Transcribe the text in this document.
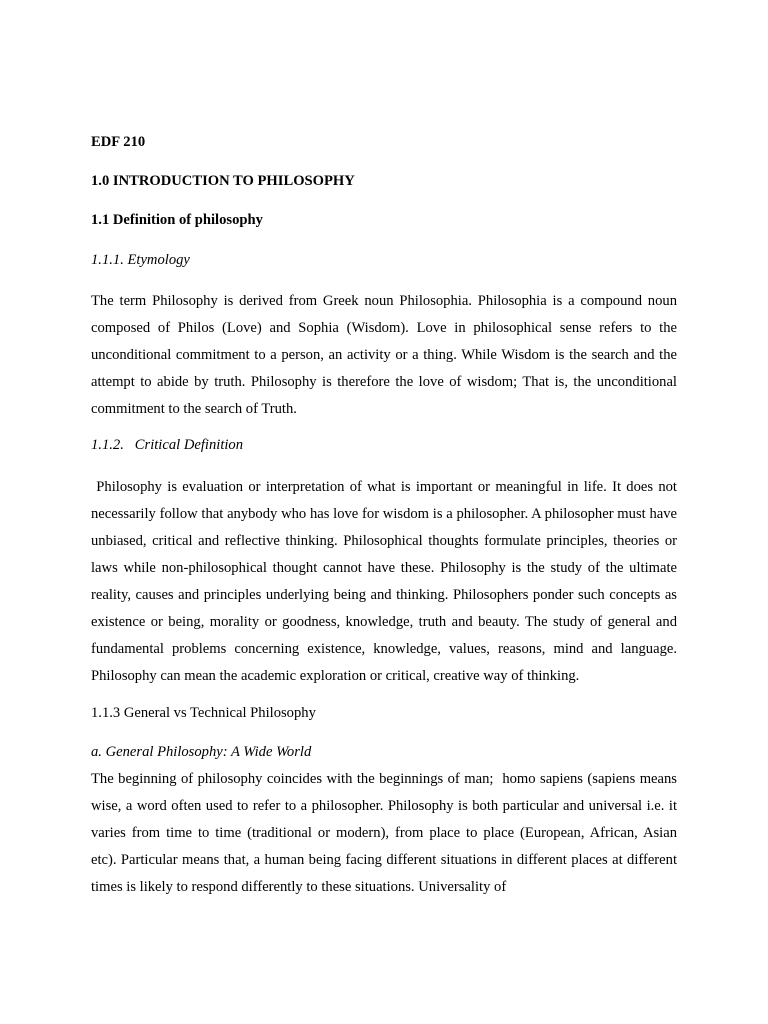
EDF 210

1.0 INTRODUCTION TO PHILOSOPHY

1.1 Definition of philosophy

1.1.1. Etymology

The term Philosophy is derived from Greek noun Philosophia. Philosophia is a compound noun composed of Philos (Love) and Sophia (Wisdom). Love in philosophical sense refers to the unconditional commitment to a person, an activity or a thing. While Wisdom is the search and the attempt to abide by truth. Philosophy is therefore the love of wisdom; That is, the unconditional commitment to the search of Truth.

1.1.2.   Critical Definition

Philosophy is evaluation or interpretation of what is important or meaningful in life. It does not necessarily follow that anybody who has love for wisdom is a philosopher. A philosopher must have unbiased, critical and reflective thinking. Philosophical thoughts formulate principles, theories or laws while non-philosophical thought cannot have these. Philosophy is the study of the ultimate reality, causes and principles underlying being and thinking. Philosophers ponder such concepts as existence or being, morality or goodness, knowledge, truth and beauty. The study of general and fundamental problems concerning existence, knowledge, values, reasons, mind and language. Philosophy can mean the academic exploration or critical, creative way of thinking.

1.1.3 General vs Technical Philosophy

a. General Philosophy: A Wide World

The beginning of philosophy coincides with the beginnings of man;  homo sapiens (sapiens means wise, a word often used to refer to a philosopher. Philosophy is both particular and universal i.e. it varies from time to time (traditional or modern), from place to place (European, African, Asian  etc). Particular means that, a human being facing different situations in different places at different times is likely to respond differently to these situations. Universality of
